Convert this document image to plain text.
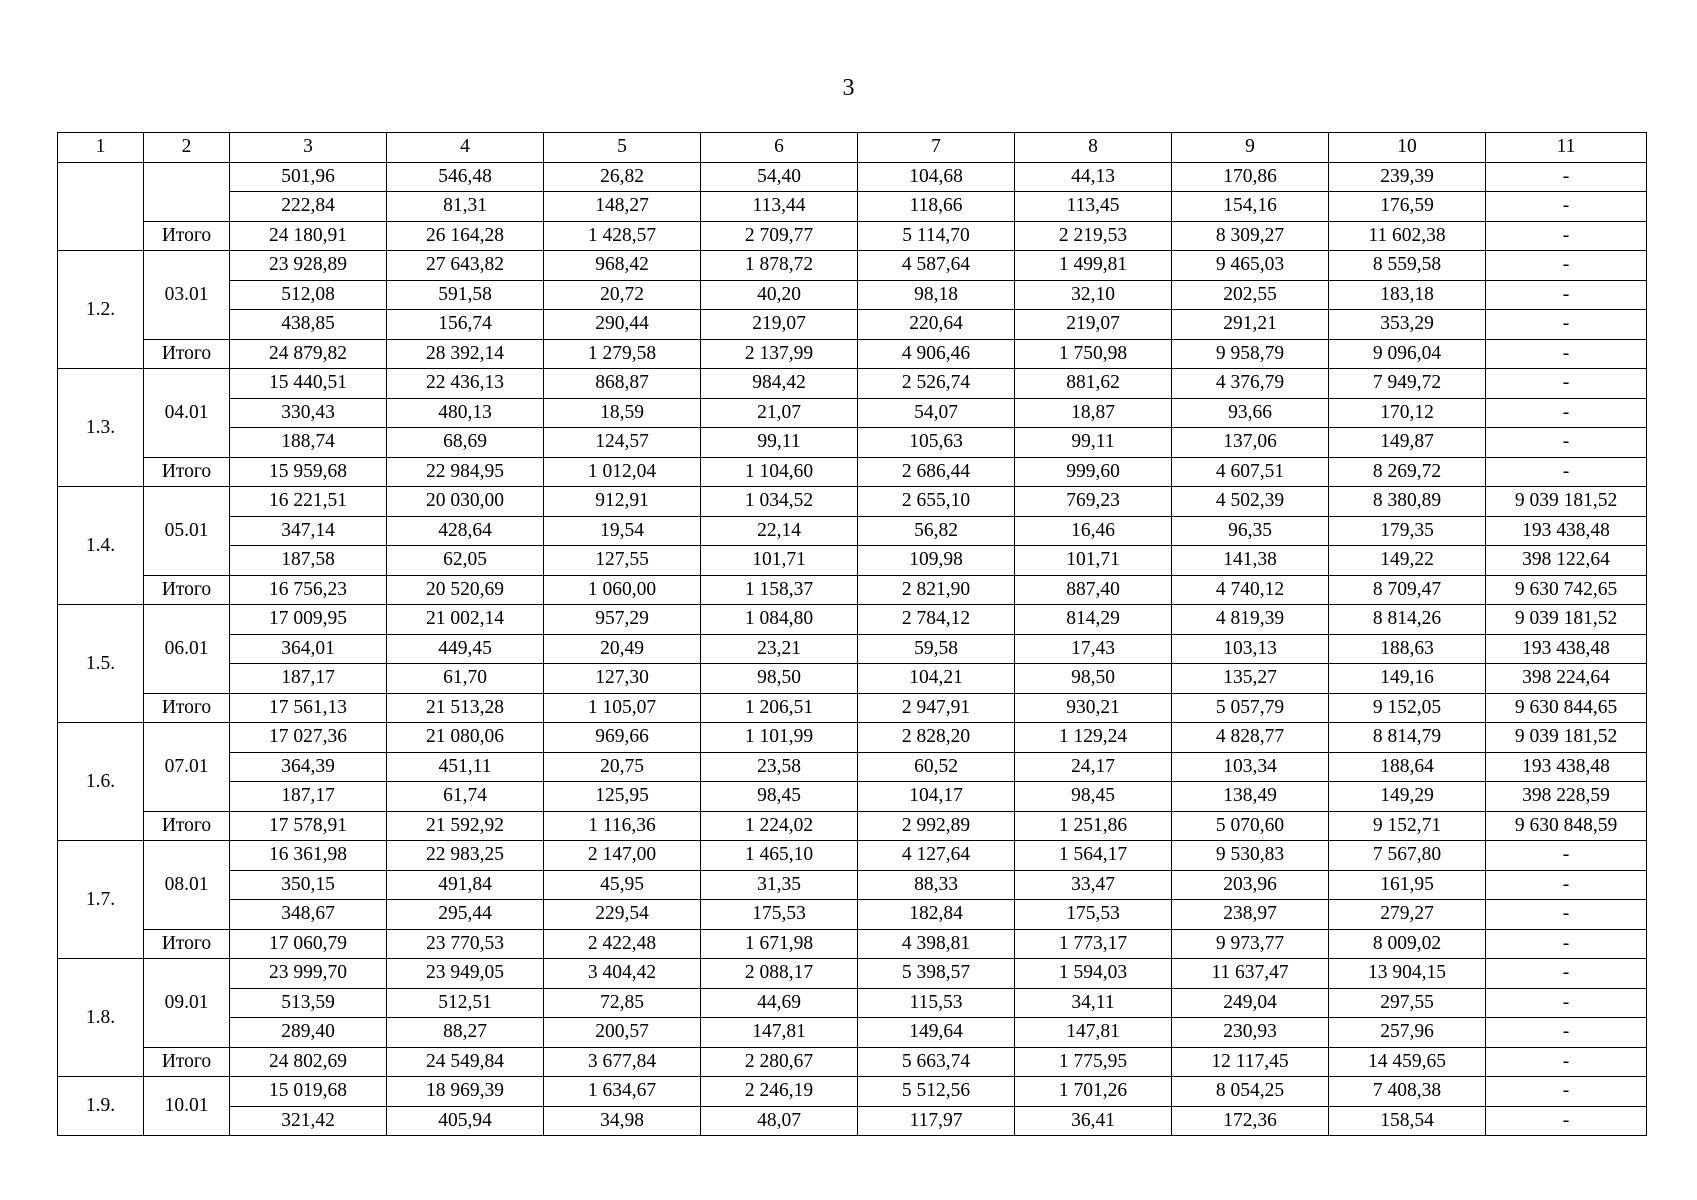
3
1	2	3	4	5	6	7	8	9	10	11
		501,96	546,48	26,82	54,40	104,68	44,13	170,86	239,39	-
		222,84	81,31	148,27	113,44	118,66	113,45	154,16	176,59	-
	Итого	24 180,91	26 164,28	1 428,57	2 709,77	5 114,70	2 219,53	8 309,27	11 602,38	-
1.2.	03.01	23 928,89	27 643,82	968,42	1 878,72	4 587,64	1 499,81	9 465,03	8 559,58	-
		512,08	591,58	20,72	40,20	98,18	32,10	202,55	183,18	-
		438,85	156,74	290,44	219,07	220,64	219,07	291,21	353,29	-
	Итого	24 879,82	28 392,14	1 279,58	2 137,99	4 906,46	1 750,98	9 958,79	9 096,04	-
1.3.	04.01	15 440,51	22 436,13	868,87	984,42	2 526,74	881,62	4 376,79	7 949,72	-
		330,43	480,13	18,59	21,07	54,07	18,87	93,66	170,12	-
		188,74	68,69	124,57	99,11	105,63	99,11	137,06	149,87	-
	Итого	15 959,68	22 984,95	1 012,04	1 104,60	2 686,44	999,60	4 607,51	8 269,72	-
1.4.	05.01	16 221,51	20 030,00	912,91	1 034,52	2 655,10	769,23	4 502,39	8 380,89	9 039 181,52
		347,14	428,64	19,54	22,14	56,82	16,46	96,35	179,35	193 438,48
		187,58	62,05	127,55	101,71	109,98	101,71	141,38	149,22	398 122,64
	Итого	16 756,23	20 520,69	1 060,00	1 158,37	2 821,90	887,40	4 740,12	8 709,47	9 630 742,65
1.5.	06.01	17 009,95	21 002,14	957,29	1 084,80	2 784,12	814,29	4 819,39	8 814,26	9 039 181,52
		364,01	449,45	20,49	23,21	59,58	17,43	103,13	188,63	193 438,48
		187,17	61,70	127,30	98,50	104,21	98,50	135,27	149,16	398 224,64
	Итого	17 561,13	21 513,28	1 105,07	1 206,51	2 947,91	930,21	5 057,79	9 152,05	9 630 844,65
1.6.	07.01	17 027,36	21 080,06	969,66	1 101,99	2 828,20	1 129,24	4 828,77	8 814,79	9 039 181,52
		364,39	451,11	20,75	23,58	60,52	24,17	103,34	188,64	193 438,48
		187,17	61,74	125,95	98,45	104,17	98,45	138,49	149,29	398 228,59
	Итого	17 578,91	21 592,92	1 116,36	1 224,02	2 992,89	1 251,86	5 070,60	9 152,71	9 630 848,59
1.7.	08.01	16 361,98	22 983,25	2 147,00	1 465,10	4 127,64	1 564,17	9 530,83	7 567,80	-
		350,15	491,84	45,95	31,35	88,33	33,47	203,96	161,95	-
		348,67	295,44	229,54	175,53	182,84	175,53	238,97	279,27	-
	Итого	17 060,79	23 770,53	2 422,48	1 671,98	4 398,81	1 773,17	9 973,77	8 009,02	-
1.8.	09.01	23 999,70	23 949,05	3 404,42	2 088,17	5 398,57	1 594,03	11 637,47	13 904,15	-
		513,59	512,51	72,85	44,69	115,53	34,11	249,04	297,55	-
		289,40	88,27	200,57	147,81	149,64	147,81	230,93	257,96	-
	Итого	24 802,69	24 549,84	3 677,84	2 280,67	5 663,74	1 775,95	12 117,45	14 459,65	-
1.9.	10.01	15 019,68	18 969,39	1 634,67	2 246,19	5 512,56	1 701,26	8 054,25	7 408,38	-
		321,42	405,94	34,98	48,07	117,97	36,41	172,36	158,54	-
